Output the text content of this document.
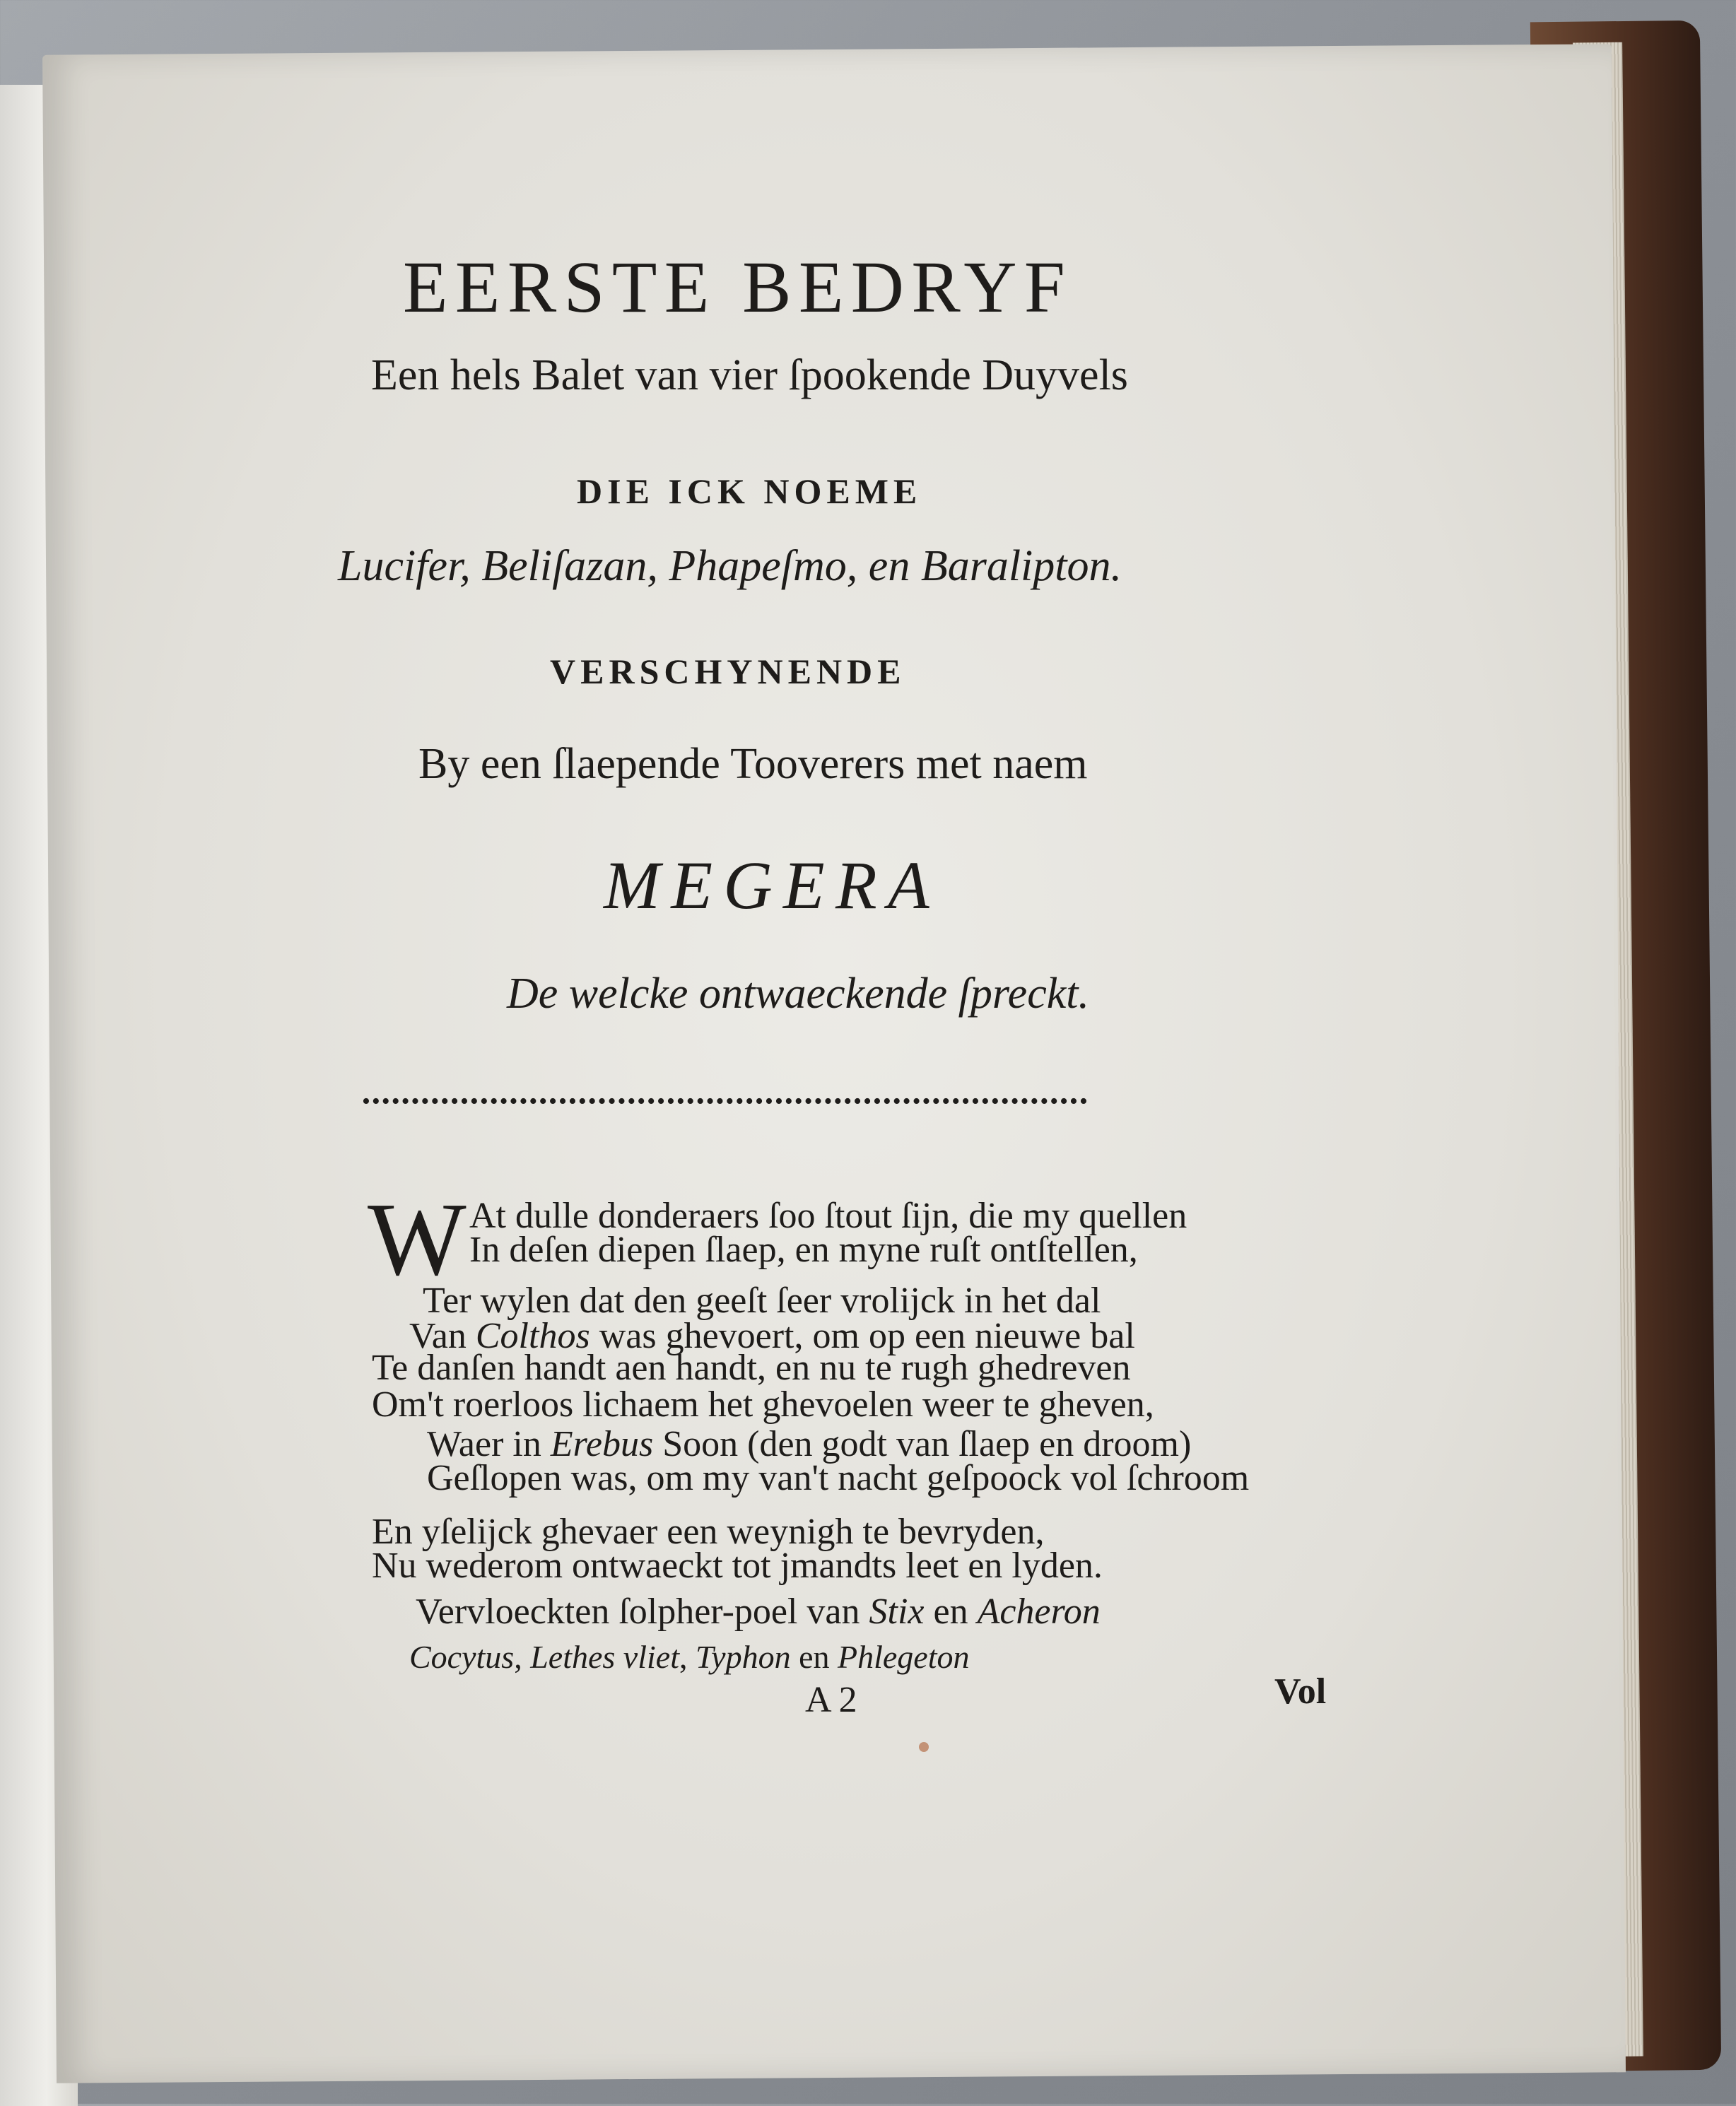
EERSTE BEDRYF
Een hels Balet van vier ſpookende Duyvels
DIE ICK NOEME
Lucifer, Beliſazan, Phapeſmo, en Baralipton.
VERSCHYNENDE
By een ſlaepende Tooverers met naem
MEGERA
De welcke ontwaeckende ſpreckt.
••••••••••••••••••••••••••••••••••••••••••••••••••••••••••••••••••••••••••
W At dulle donderaers ſoo ſtout ſijn, die my quellen
In deſen diepen ſlaep, en myne ruſt ontſtellen,
Ter wylen dat den geeſt ſeer vrolijck in het dal
Van Colthos was ghevoert, om op een nieuwe bal
Te danſen handt aen handt, en nu te rugh ghedreven
Om't roerloos lichaem het ghevoelen weer te gheven,
Waer in Erebus Soon (den godt van ſlaep en droom)
Geſlopen was, om my van't nacht geſpoock vol ſchroom
En yſelijck ghevaer een weynigh te bevryden,
Nu wederom ontwaeckt tot jmandts leet en lyden.
Vervloeckten ſolpher-poel van Stix en Acheron
Cocytus, Lethes vliet, Typhon en Phlegeton
A 2	Vol
